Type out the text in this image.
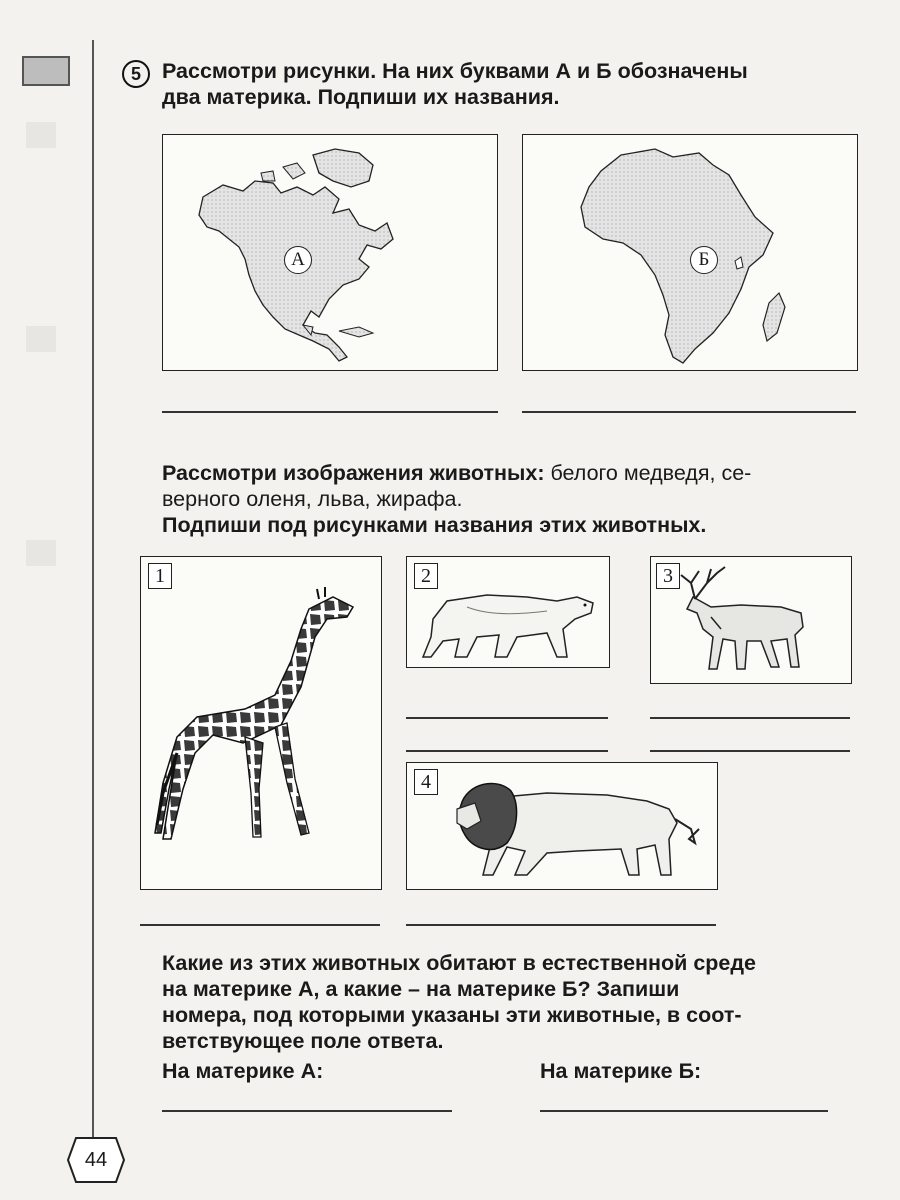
5 Рассмотри рисунки. На них буквами А и Б обозначены
два материка. Подпиши их названия.
А	Б
Рассмотри изображения животных: белого медведя, се-
верного оленя, льва, жирафа.
Подпиши под рисунками названия этих животных.
1	2	3
4
Какие из этих животных обитают в естественной среде
на материке А, а какие – на материке Б? Запиши
номера, под которыми указаны эти животные, в соот-
ветствующее поле ответа.
На материке А:	На материке Б:
44
